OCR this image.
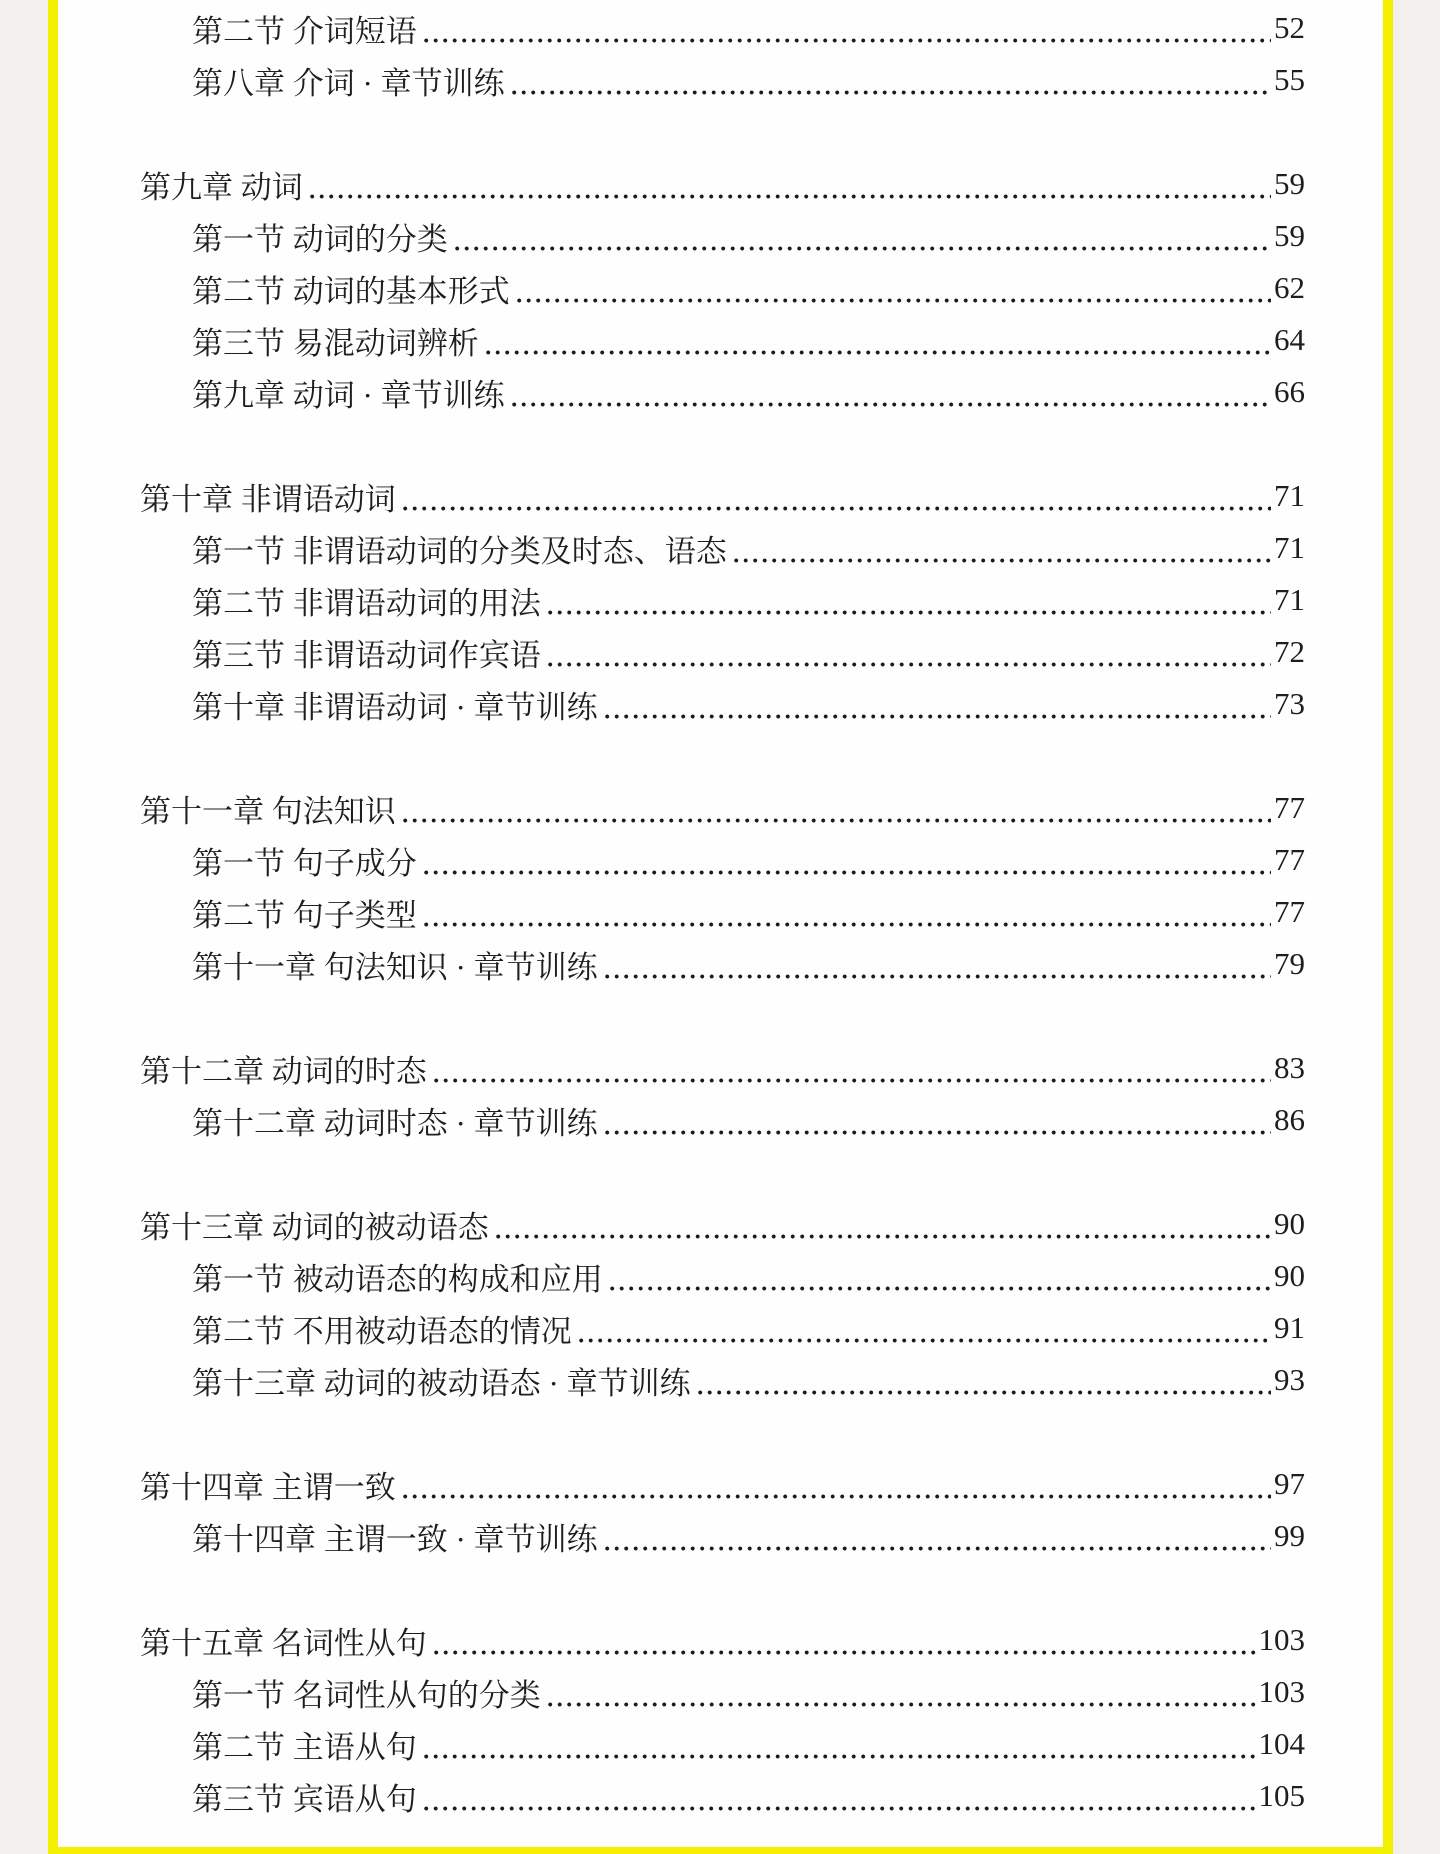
第二节 介词短语	52
第八章 介词 · 章节训练	55
第九章 动词	59
第一节 动词的分类	59
第二节 动词的基本形式	62
第三节 易混动词辨析	64
第九章 动词 · 章节训练	66
第十章 非谓语动词	71
第一节 非谓语动词的分类及时态、语态	71
第二节 非谓语动词的用法	71
第三节 非谓语动词作宾语	72
第十章 非谓语动词 · 章节训练	73
第十一章 句法知识	77
第一节 句子成分	77
第二节 句子类型	77
第十一章 句法知识 · 章节训练	79
第十二章 动词的时态	83
第十二章 动词时态 · 章节训练	86
第十三章 动词的被动语态	90
第一节 被动语态的构成和应用	90
第二节 不用被动语态的情况	91
第十三章 动词的被动语态 · 章节训练	93
第十四章 主谓一致	97
第十四章 主谓一致 · 章节训练	99
第十五章 名词性从句	103
第一节 名词性从句的分类	103
第二节 主语从句	104
第三节 宾语从句	105
